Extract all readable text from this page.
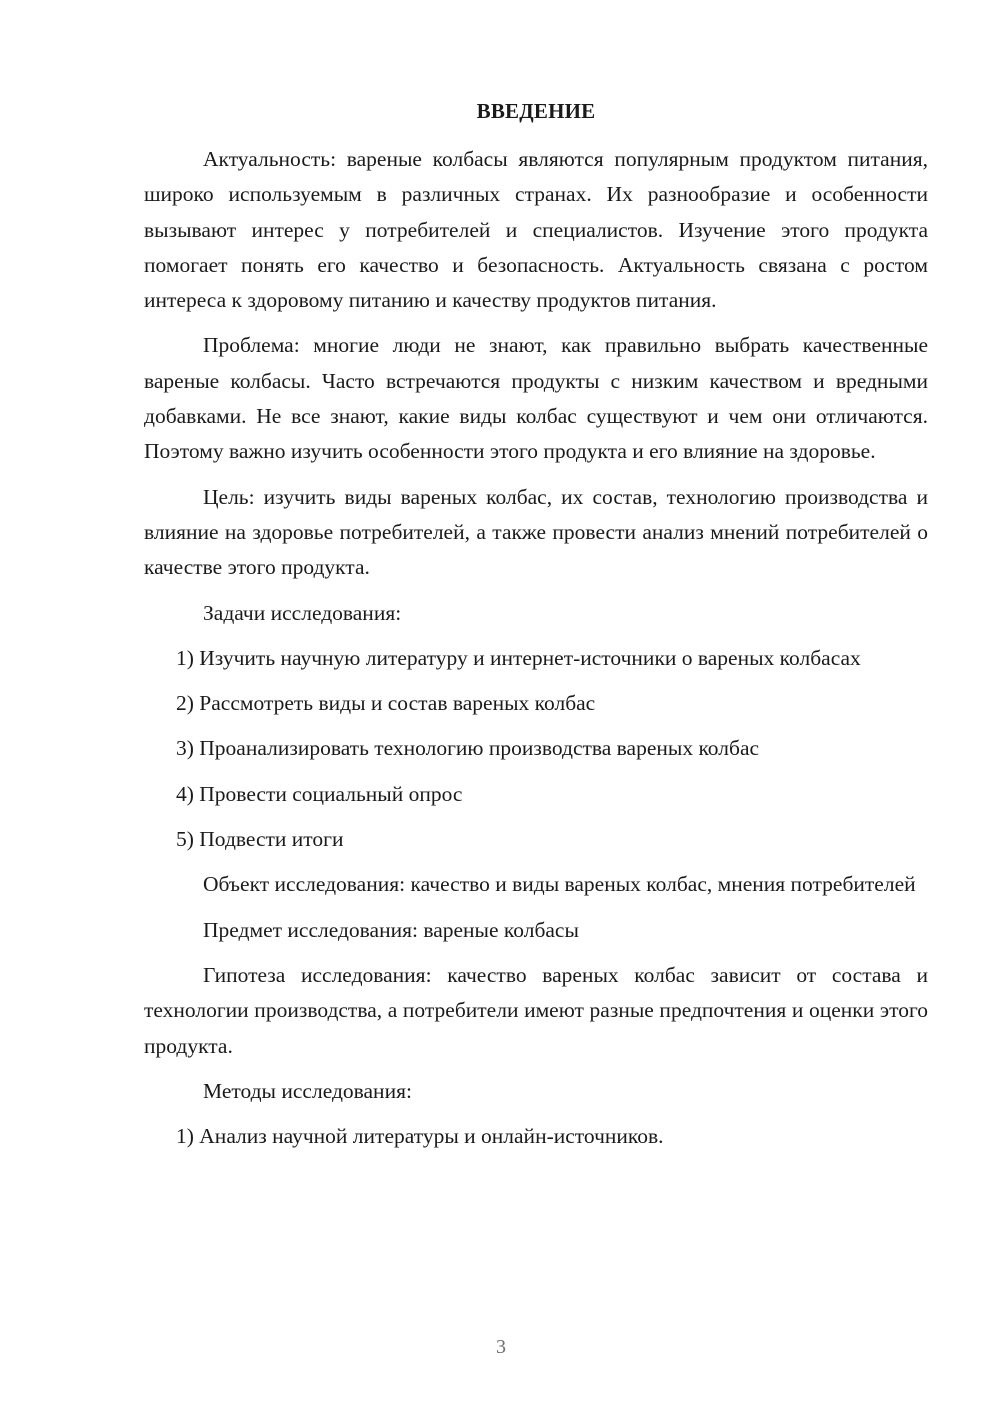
ВВЕДЕНИЕ

Актуальность: вареные колбасы являются популярным продуктом питания, широко используемым в различных странах. Их разнообразие и особенности вызывают интерес у потребителей и специалистов. Изучение этого продукта помогает понять его качество и безопасность. Актуальность связана с ростом интереса к здоровому питанию и качеству продуктов питания.

Проблема: многие люди не знают, как правильно выбрать качественные вареные колбасы. Часто встречаются продукты с низким качеством и вредными добавками. Не все знают, какие виды колбас существуют и чем они отличаются. Поэтому важно изучить особенности этого продукта и его влияние на здоровье.

Цель: изучить виды вареных колбас, их состав, технологию производства и влияние на здоровье потребителей, а также провести анализ мнений потребителей о качестве этого продукта.

Задачи исследования:

1) Изучить научную литературу и интернет-источники о вареных колбасах

2) Рассмотреть виды и состав вареных колбас

3) Проанализировать технологию производства вареных колбас

4) Провести социальный опрос

5) Подвести итоги

Объект исследования: качество и виды вареных колбас, мнения потребителей

Предмет исследования: вареные колбасы

Гипотеза исследования: качество вареных колбас зависит от состава и технологии производства, а потребители имеют разные предпочтения и оценки этого продукта.

Методы исследования:

1) Анализ научной литературы и онлайн-источников.

3
